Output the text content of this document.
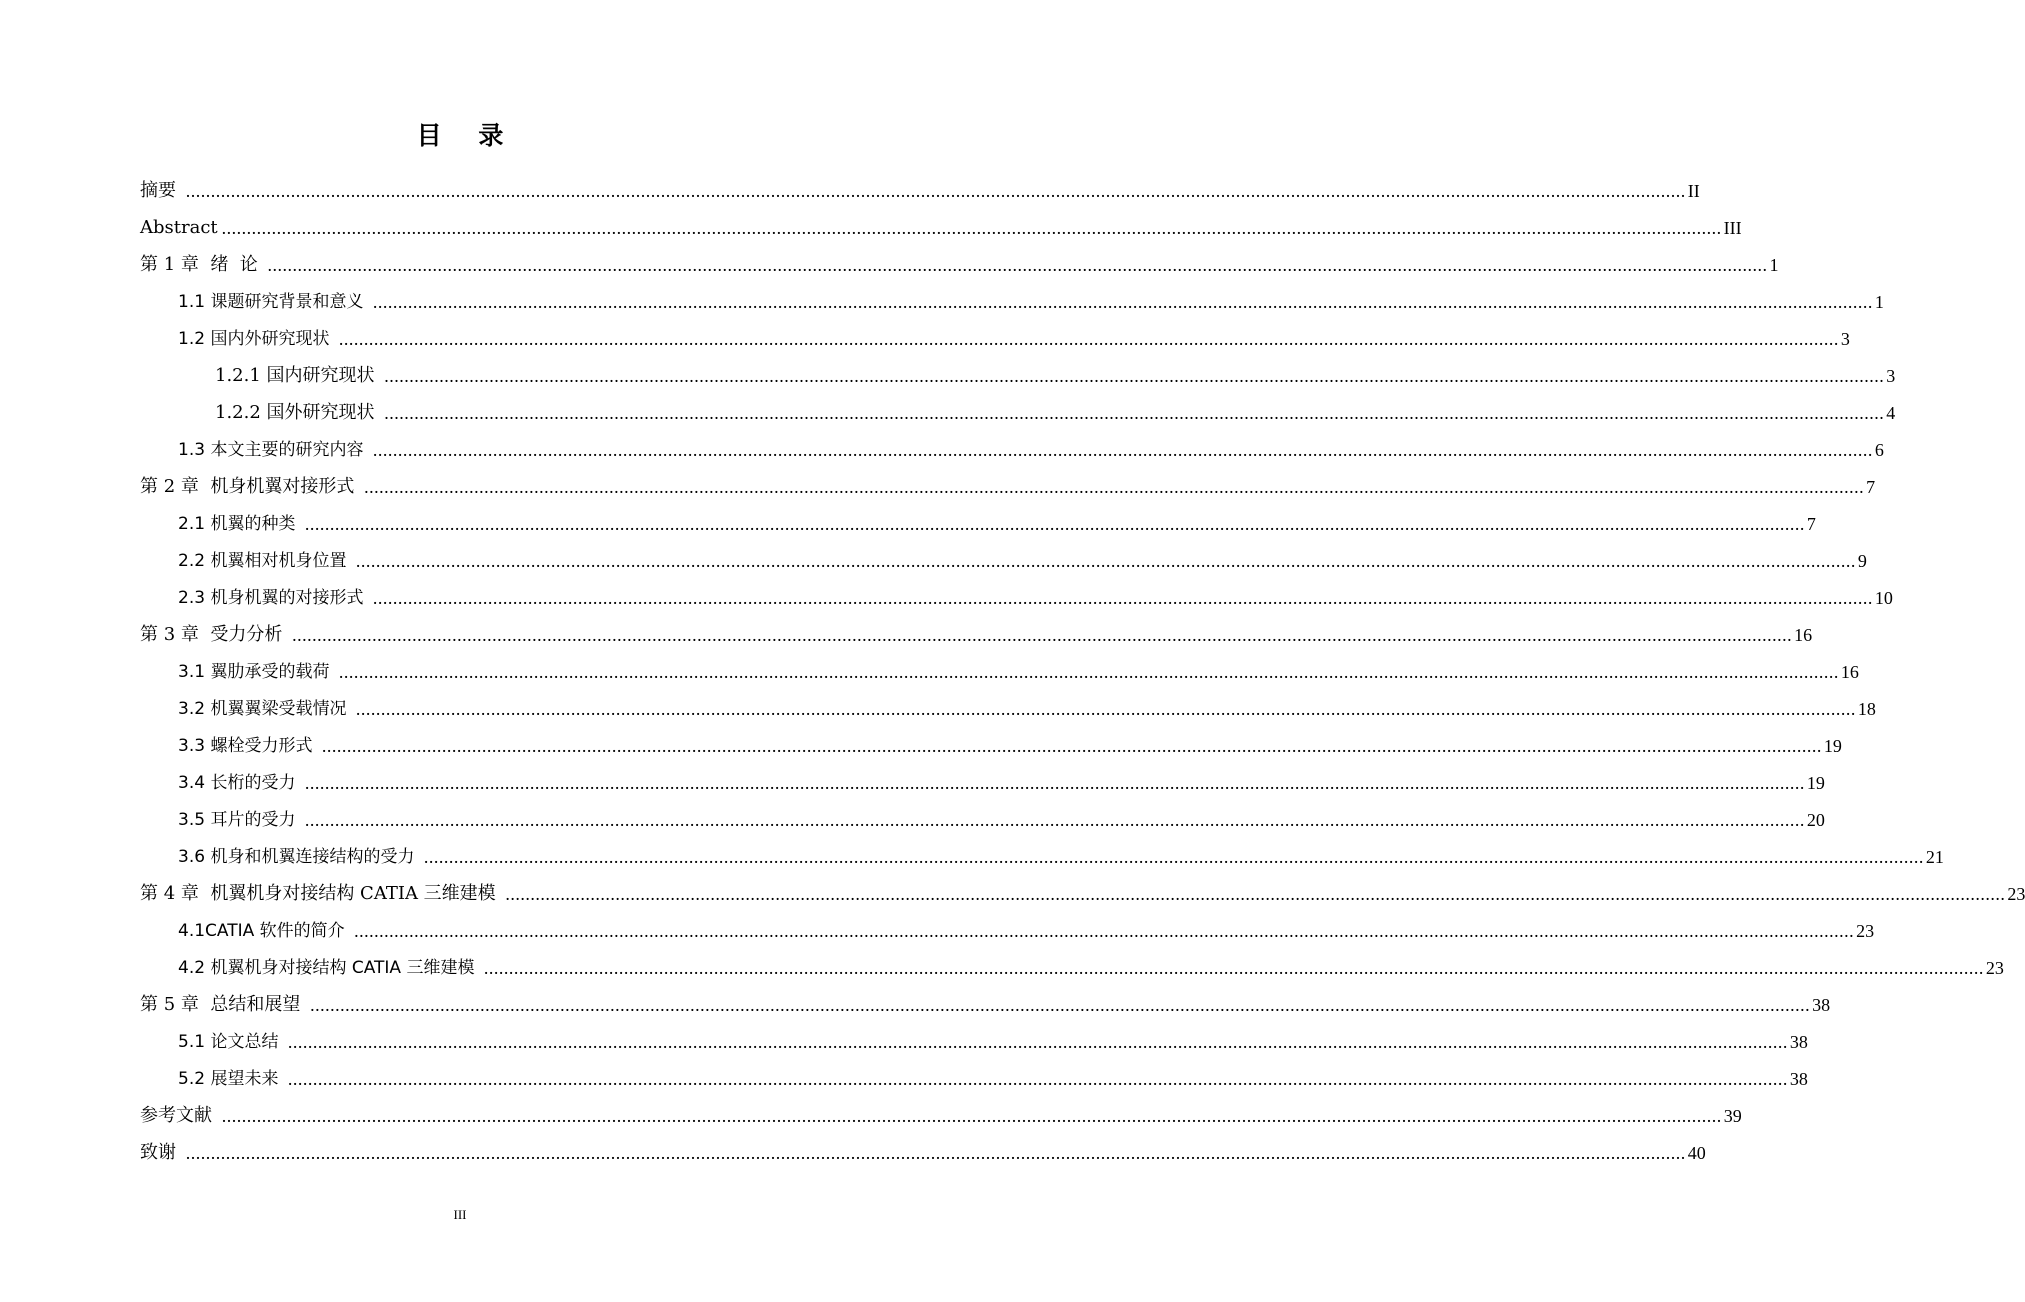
目 录
摘要 ............................................................................................................................................................................................................................................................................................................ II
Abstract ............................................................................................................................................................................................................................................................................................................ III
第 1 章  绪  论 ............................................................................................................................................................................................................................................................................................................ 1
1.1 课题研究背景和意义 ............................................................................................................................................................................................................................................................................................................ 1
1.2 国内外研究现状 ............................................................................................................................................................................................................................................................................................................ 3
1.2.1 国内研究现状 ............................................................................................................................................................................................................................................................................................................ 3
1.2.2 国外研究现状 ............................................................................................................................................................................................................................................................................................................ 4
1.3 本文主要的研究内容 ............................................................................................................................................................................................................................................................................................................ 6
第 2 章  机身机翼对接形式 ............................................................................................................................................................................................................................................................................................................ 7
2.1 机翼的种类 ............................................................................................................................................................................................................................................................................................................ 7
2.2 机翼相对机身位置 ............................................................................................................................................................................................................................................................................................................ 9
2.3 机身机翼的对接形式 ............................................................................................................................................................................................................................................................................................................ 10
第 3 章  受力分析 ............................................................................................................................................................................................................................................................................................................ 16
3.1 翼肋承受的载荷 ............................................................................................................................................................................................................................................................................................................ 16
3.2 机翼翼梁受载情况 ............................................................................................................................................................................................................................................................................................................ 18
3.3 螺栓受力形式 ............................................................................................................................................................................................................................................................................................................ 19
3.4 长桁的受力 ............................................................................................................................................................................................................................................................................................................ 19
3.5 耳片的受力 ............................................................................................................................................................................................................................................................................................................ 20
3.6 机身和机翼连接结构的受力 ............................................................................................................................................................................................................................................................................................................ 21
第 4 章  机翼机身对接结构 CATIA 三维建模 ............................................................................................................................................................................................................................................................................................................ 23
4.1CATIA 软件的简介 ............................................................................................................................................................................................................................................................................................................ 23
4.2 机翼机身对接结构 CATIA 三维建模 ............................................................................................................................................................................................................................................................................................................ 23
第 5 章  总结和展望 ............................................................................................................................................................................................................................................................................................................ 38
5.1 论文总结 ............................................................................................................................................................................................................................................................................................................ 38
5.2 展望未来 ............................................................................................................................................................................................................................................................................................................ 38
参考文献 ............................................................................................................................................................................................................................................................................................................ 39
致谢 ............................................................................................................................................................................................................................................................................................................ 40
III
